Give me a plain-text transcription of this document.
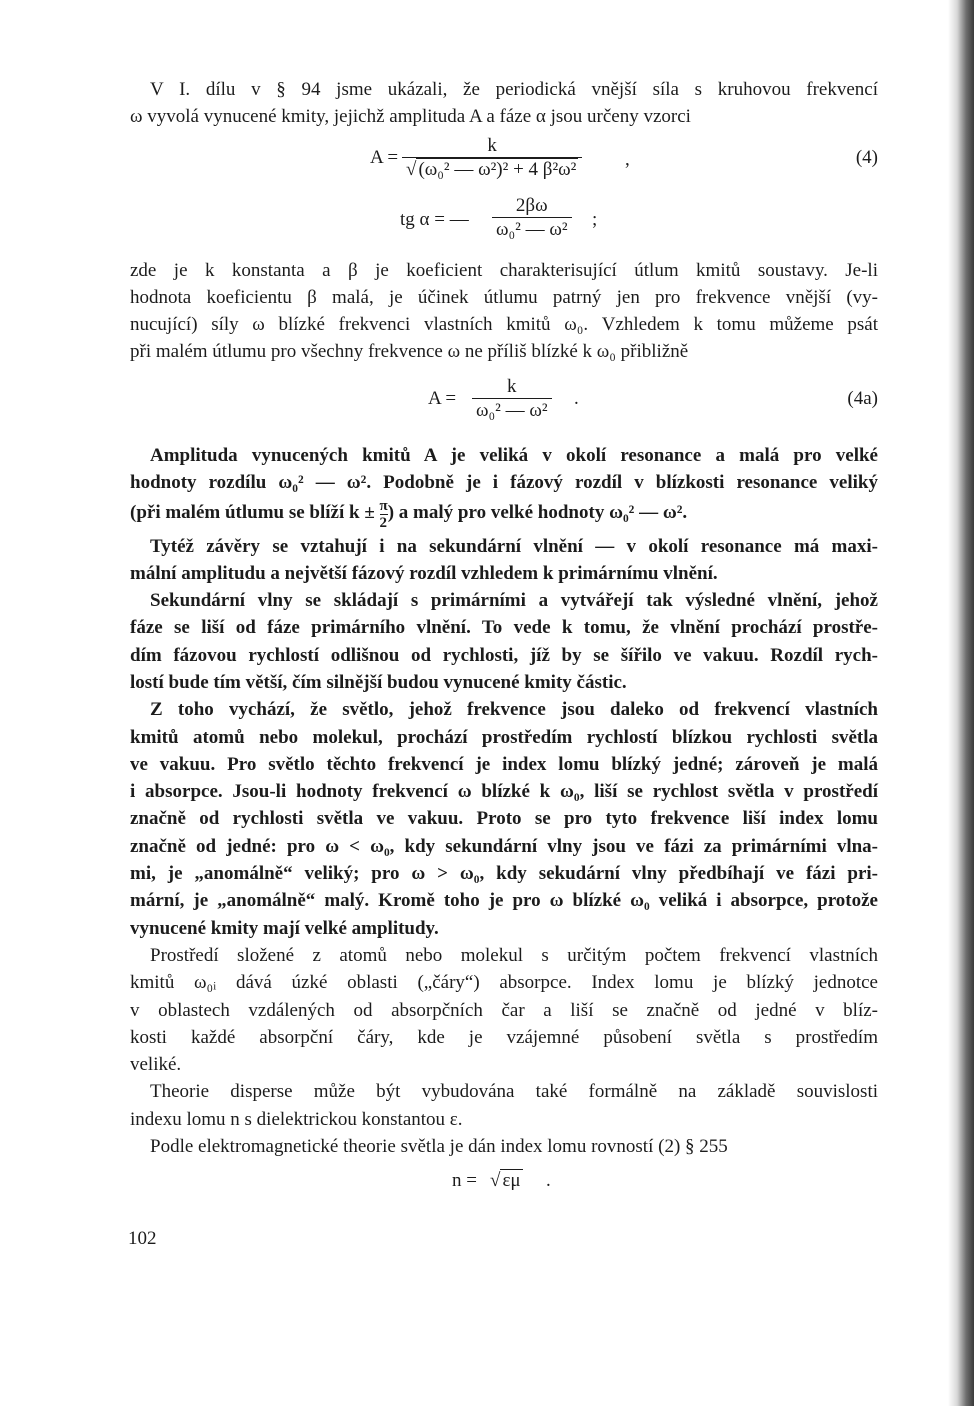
V I. dílu v § 94 jsme ukázali, že periodická vnější síla s kruhovou frekvencí

ω vyvolá vynucené kmity, jejichž amplituda A a fáze α jsou určeny vzorci

$A = \frac{k}{\text{√ (ω₀² — ω²)² + 4 β²ω²}}$ ,	(4)
tg α = — $\frac{2\beta\omega}{\text{ω₀² — ω²}}$ ;

zde je k konstanta a β je koeficient charakterisující útlum kmitů soustavy. Je-li

hodnota koeficientu β malá, je účinek útlumu patrný jen pro frekvence vnější (vy-

nucující) síly ω blízké frekvenci vlastních kmitů ω₀. Vzhledem k tomu můžeme psát

při malém útlumu pro všechny frekvence ω ne příliš blízké k ω₀ přibližně

$A = \frac{k}{\text{ω₀² — ω²}}$ .	(4a)

Amplituda vynucených kmitů A je veliká v okolí resonance a malá pro velké

hodnoty rozdílu ω₀² — ω². Podobně je i fázový rozdíl v blízkosti resonance veliký

(při malém útlumu se blíží $k \pm \frac{\pi}{2}$ ) a malý pro velké hodnoty ω₀² — ω².

Tytéž závěry se vztahují i na sekundární vlnění — v okolí resonance má maxi-

mální amplitudu a největší fázový rozdíl vzhledem k primárnímu vlnění.

Sekundární vlny se skládají s primárními a vytvářejí tak výsledné vlnění, jehož

fáze se liší od fáze primárního vlnění. To vede k tomu, že vlnění prochází prostře-

dím fázovou rychlostí odlišnou od rychlosti, jíž by se šířilo ve vakuu. Rozdíl rych-

lostí bude tím větší, čím silnější budou vynucené kmity částic.

Z toho vychází, že světlo, jehož frekvence jsou daleko od frekvencí vlastních

kmitů atomů nebo molekul, prochází prostředím rychlostí blízkou rychlosti světla

ve vakuu. Pro světlo těchto frekvencí je index lomu blízký jedné; zároveň je malá

i absorpce. Jsou-li hodnoty frekvencí ω blízké k ω₀, liší se rychlost světla v prostředí

značně od rychlosti světla ve vakuu. Proto se pro tyto frekvence liší index lomu

značně od jedné: pro ω < ω₀, kdy sekundární vlny jsou ve fázi za primárními vlna-

mi, je „anomálně“ veliký; pro ω > ω₀, kdy sekudární vlny předbíhají ve fázi pri-

mární, je „anomálně“ malý. Kromě toho je pro ω blízké ω₀ veliká i absorpce, protože

vynucené kmity mají velké amplitudy.

Prostředí složené z atomů nebo molekul s určitým počtem frekvencí vlastních

kmitů ω₀ᵢ dává úzké oblasti („čáry“) absorpce. Index lomu je blízký jednotce

v oblastech vzdálených od absorpčních čar a liší se značně od jedné v blíz-

kosti každé absorpční čáry, kde je vzájemné působení světla s prostředím

veliké.

Theorie disperse může být vybudována také formálně na základě souvislosti

indexu lomu n s dielektrickou konstantou ε.

Podle elektromagnetické theorie světla je dán index lomu rovností (2) § 255

n = √ εμ .
102
